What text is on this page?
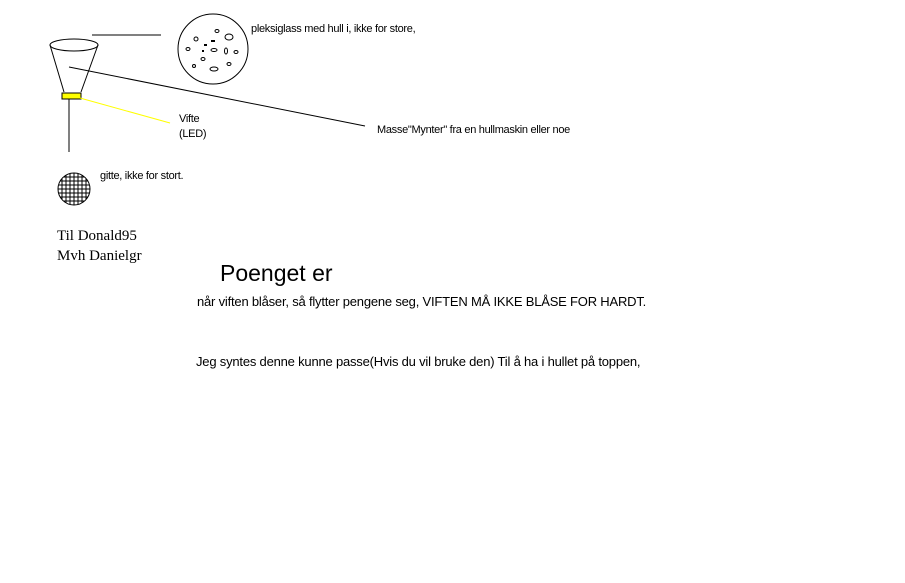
pleksiglass med hull i, ikke for store,

Vifte

(LED)	Masse"Mynter" fra en hullmaskin eller noe

gitte, ikke for stort.

Til Donald95

Mvh Danielgr

Poenget er

når viften blåser, så flytter pengene seg, VIFTEN MÅ IKKE BLÅSE FOR HARDT.

Jeg syntes denne kunne passe(Hvis du vil bruke den) Til å ha i hullet på toppen,
